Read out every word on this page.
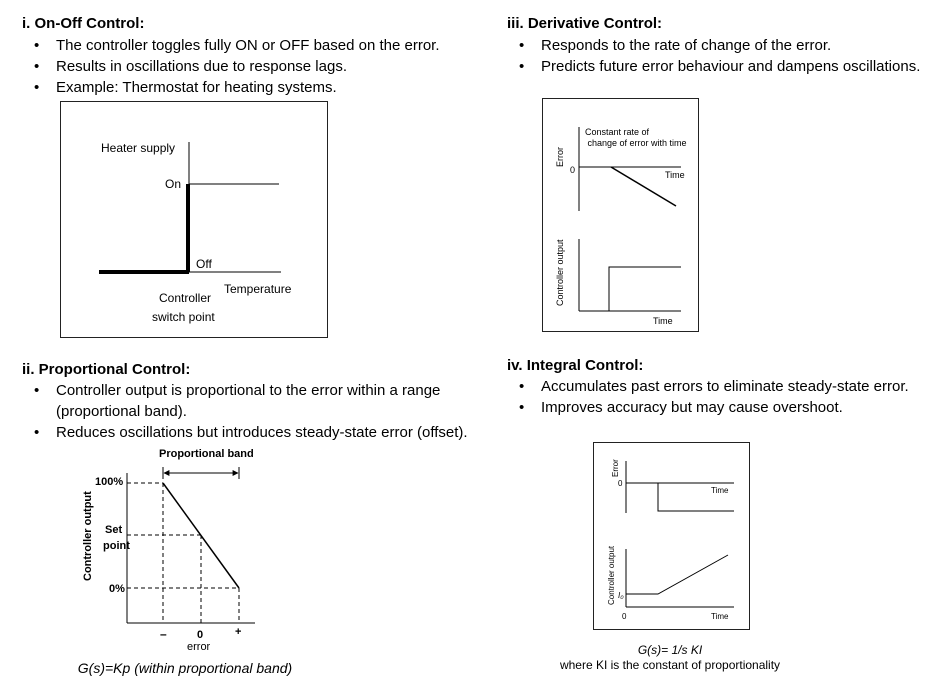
i. On-Off Control:
• The controller toggles fully ON or OFF based on the error.
• Results in oscillations due to response lags.
• Example: Thermostat for heating systems.
Heater supply
On
Off
Temperature
Controller
switch point
ii. Proportional Control:
• Controller output is proportional to the error within a range (proportional band).
• Reduces oscillations but introduces steady-state error (offset).
Proportional band
100%
Set
point
0%
Controller output
–	0	+
error
G(s)=Kp (within proportional band)
iii. Derivative Control:
• Responds to the rate of change of the error.
• Predicts future error behaviour and dampens oscillations.
Constant rate of
change of error with time
Error
0	Time
Controller output
Time
iv. Integral Control:
• Accumulates past errors to eliminate steady-state error.
• Improves accuracy but may cause overshoot.
Error
0
Time
Controller output I₀
0	Time
G(s)= 1/s KI
where KI is the constant of proportionality
